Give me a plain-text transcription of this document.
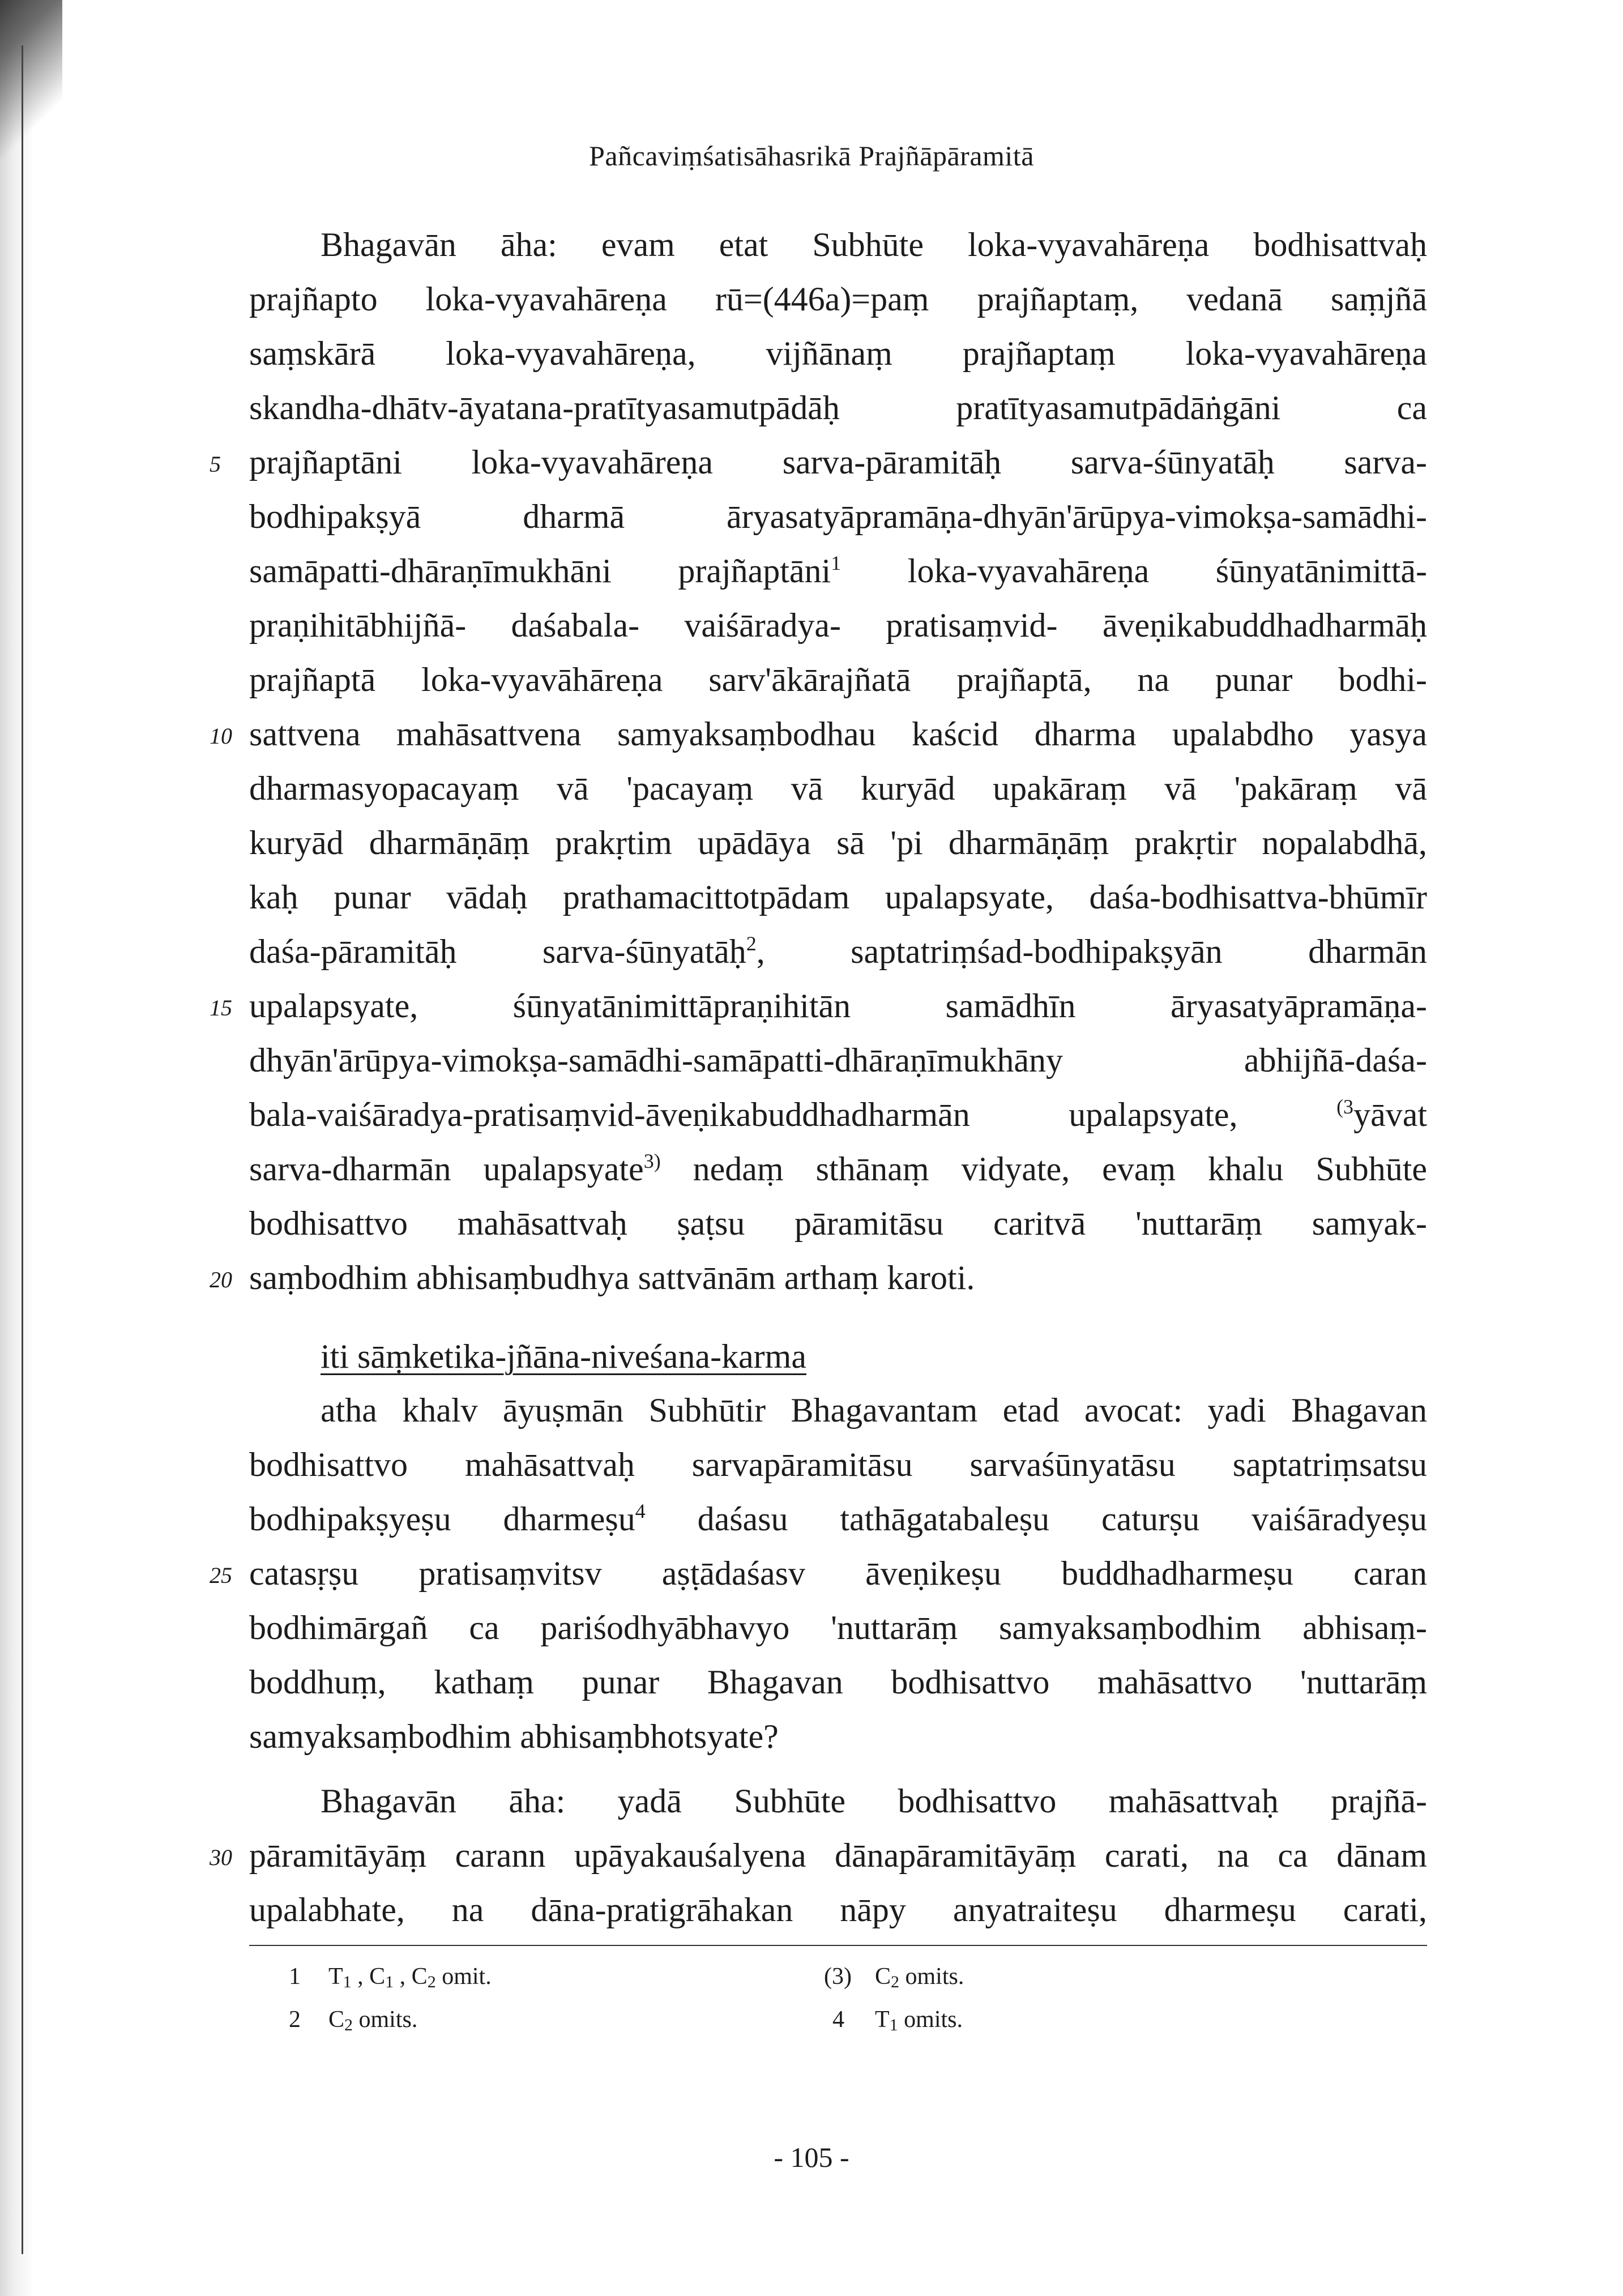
Pañcaviṃśatisāhasrikā Prajñāpāramitā
Bhagavān āha: evam etat Subhūte loka-vyavahāreṇa bodhisattvaḥ
prajñapto loka-vyavahāreṇa rū=(446a)=paṃ prajñaptaṃ, vedanā saṃjñā
saṃskārā loka-vyavahāreṇa, vijñānaṃ prajñaptaṃ loka-vyavahāreṇa
skandha-dhātv-āyatana-pratītyasamutpādāḥ pratītyasamutpādāṅgāni ca
prajñaptāni loka-vyavahāreṇa sarva-pāramitāḥ sarva-śūnyatāḥ sarva-
bodhipakṣyā dharmā āryasatyāpramāṇa-dhyān'ārūpya-vimokṣa-samādhi-
samāpatti-dhāraṇīmukhāni prajñaptāni$^1$ loka-vyavahāreṇa śūnyatānimittā-
praṇihitābhijñā- daśabala- vaiśāradya- pratisaṃvid- āveṇikabuddhadharmāḥ
prajñaptā loka-vyavāhāreṇa sarv'ākārajñatā prajñaptā, na punar bodhi-
sattvena mahāsattvena samyaksaṃbodhau kaścid dharma upalabdho yasya
dharmasyopacayaṃ vā 'pacayaṃ vā kuryād upakāraṃ vā 'pakāraṃ vā
kuryād dharmāṇāṃ prakṛtim upādāya sā 'pi dharmāṇāṃ prakṛtir nopalabdhā,
kaḥ punar vādaḥ prathamacittotpādam upalapsyate, daśa-bodhisattva-bhūmīr
daśa-pāramitāḥ sarva-śūnyatāḥ$^2$, saptatriṃśad-bodhipakṣyān dharmān
upalapsyate, śūnyatānimittāpraṇihitān samādhīn āryasatyāpramāṇa-
dhyān'ārūpya-vimokṣa-samādhi-samāpatti-dhāraṇīmukhāny abhijñā-daśa-
bala-vaiśāradya-pratisaṃvid-āveṇikabuddhadharmān upalapsyate, $^{(3}$yāvat
sarva-dharmān upalapsyate$^{3)}$ nedaṃ sthānaṃ vidyate, evaṃ khalu Subhūte
bodhisattvo mahāsattvaḥ ṣaṭsu pāramitāsu caritvā 'nuttarāṃ samyak-
saṃbodhim abhisaṃbudhya sattvānām arthaṃ karoti.
iti sāṃketika-jñāna-niveśana-karma
atha khalv āyuṣmān Subhūtir Bhagavantam etad avocat: yadi Bhagavan
bodhisattvo mahāsattvaḥ sarvapāramitāsu sarvaśūnyatāsu saptatriṃsatsu
bodhipakṣyeṣu dharmeṣu$^4$ daśasu tathāgatabaleṣu caturṣu vaiśāradyeṣu
catasṛṣu pratisaṃvitsv aṣṭādaśasv āveṇikeṣu buddhadharmeṣu caran
bodhimārgañ ca pariśodhyābhavyo 'nuttarāṃ samyaksaṃbodhim abhisaṃ-
boddhuṃ, kathaṃ punar Bhagavan bodhisattvo mahāsattvo 'nuttarāṃ
samyaksaṃbodhim abhisaṃbhotsyate?
Bhagavān āha: yadā Subhūte bodhisattvo mahāsattvaḥ prajñā-
pāramitāyāṃ carann upāyakauśalyena dānapāramitāyāṃ carati, na ca dānam
upalabhate, na dāna-pratigrāhakan nāpy anyatraiteṣu dharmeṣu carati,
5
10
15
20
25
30
1 $T_1$ , $C_1$ , $C_2$ omit.	(3) $C_2$ omits.
2 $C_2$ omits.	4 $T_1$ omits.
- 105 -
